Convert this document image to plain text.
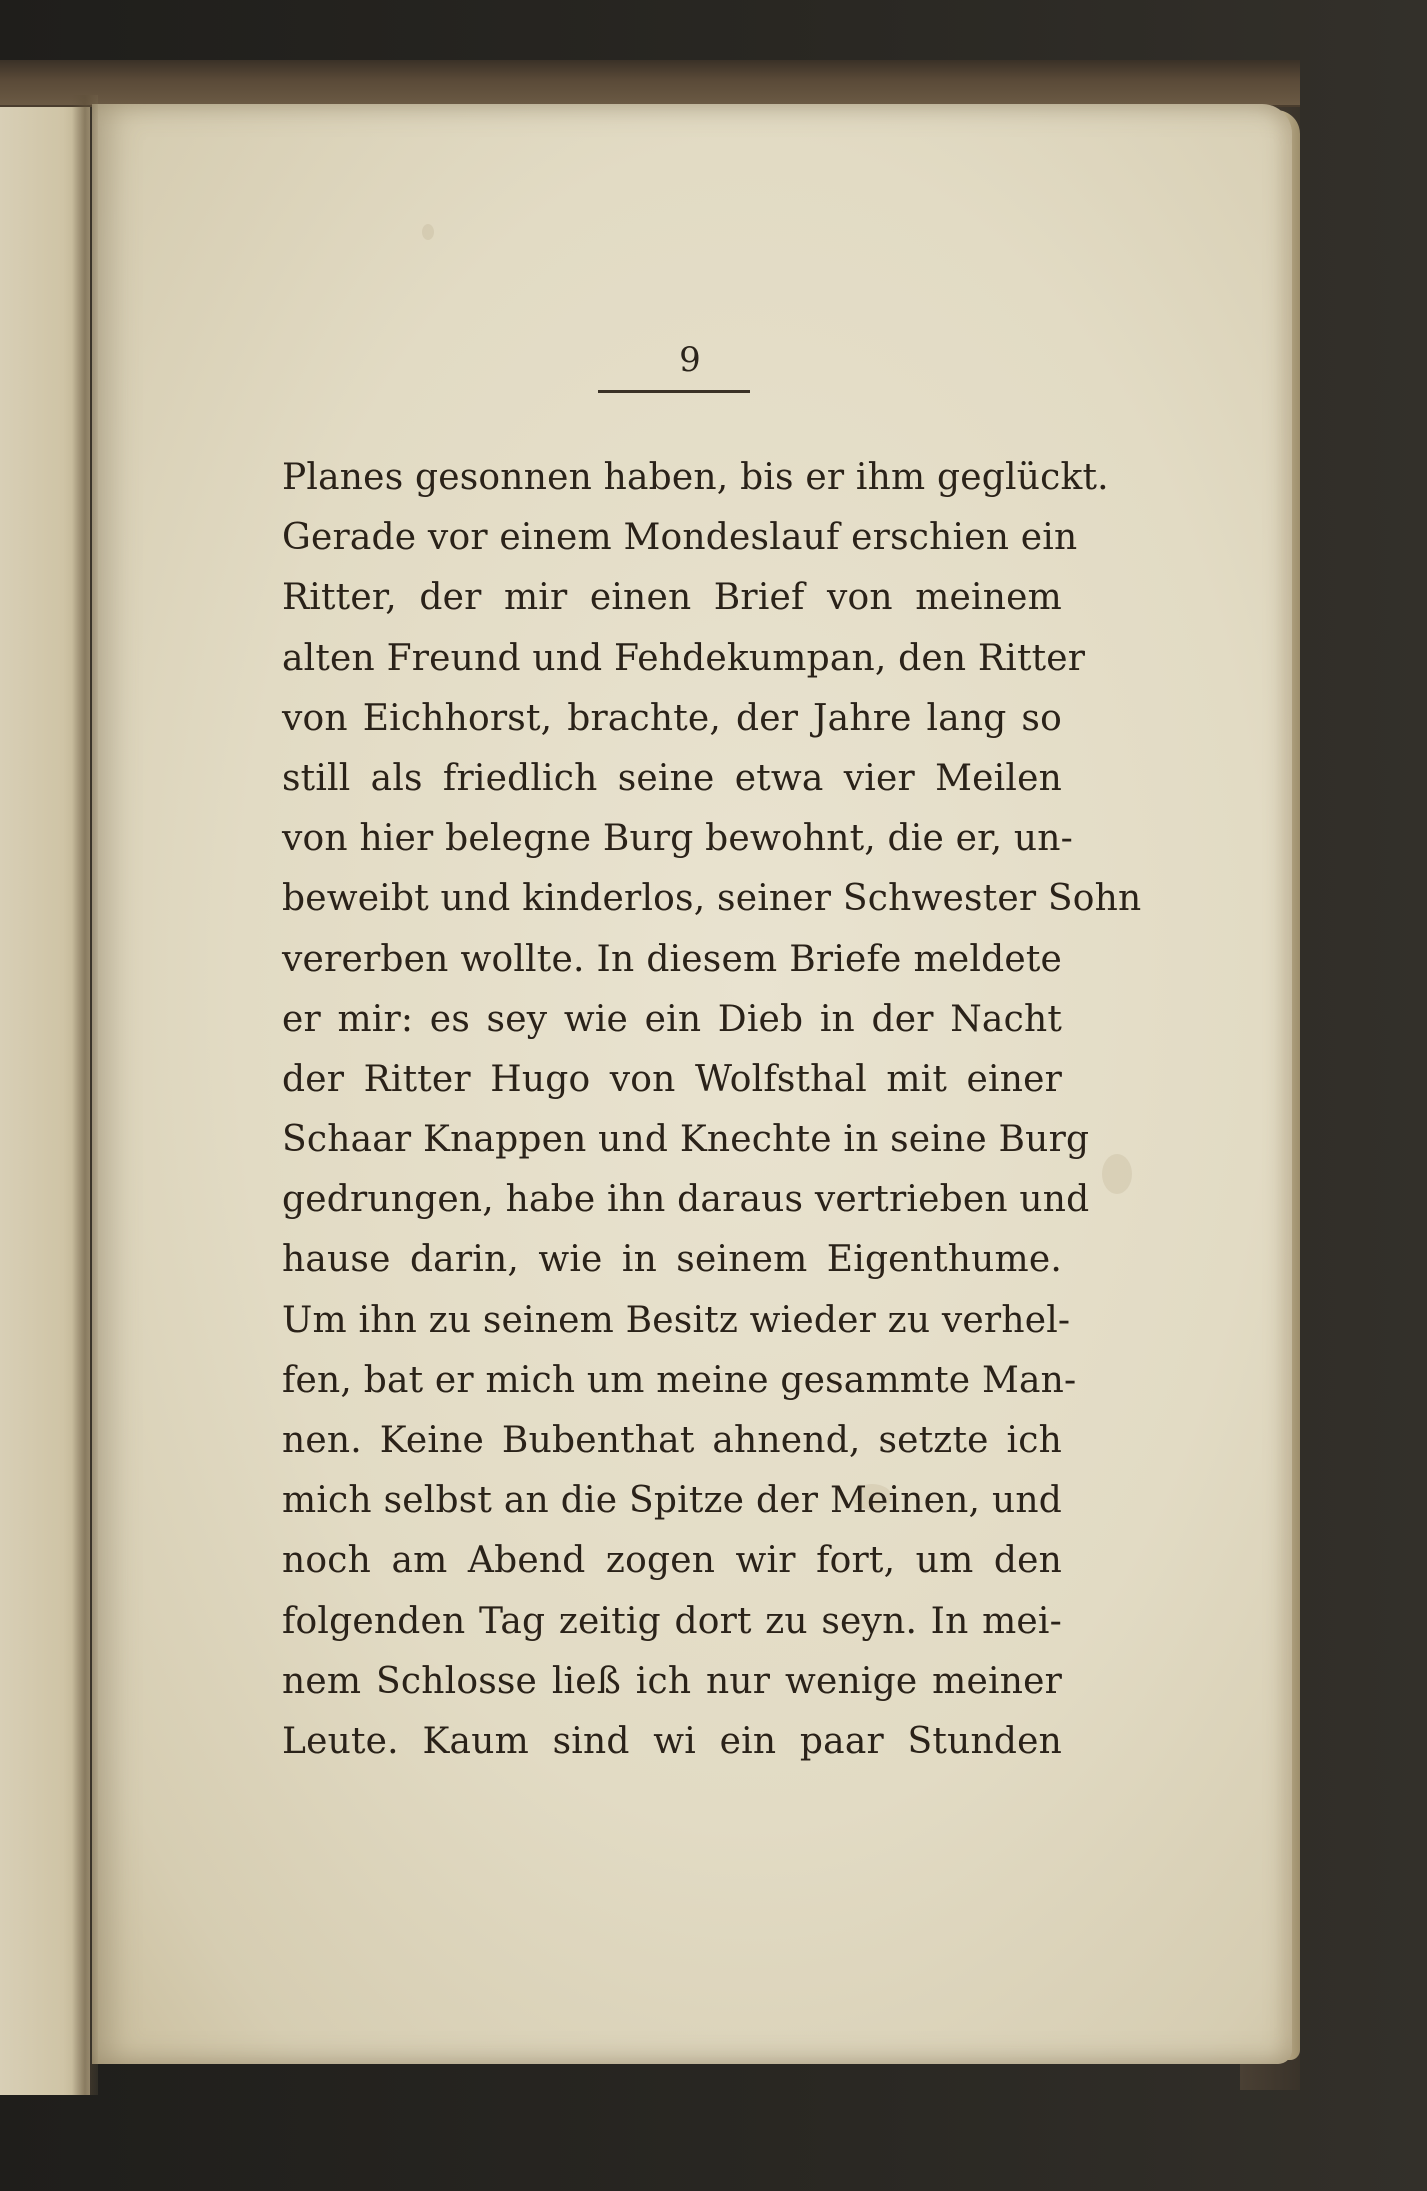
9
Planes gesonnen haben, bis er ihm geglückt.
Gerade vor einem Mondeslauf erschien ein
Ritter, der mir einen Brief von meinem
alten Freund und Fehdekumpan, den Ritter
von Eichhorst, brachte, der Jahre lang so
still als friedlich seine etwa vier Meilen
von hier belegne Burg bewohnt, die er, un-
beweibt und kinderlos, seiner Schwester Sohn
vererben wollte. In diesem Briefe meldete
er mir: es sey wie ein Dieb in der Nacht
der Ritter Hugo von Wolfsthal mit einer
Schaar Knappen und Knechte in seine Burg
gedrungen, habe ihn daraus vertrieben und
hause darin, wie in seinem Eigenthume.
Um ihn zu seinem Besitz wieder zu verhel-
fen, bat er mich um meine gesammte Man-
nen. Keine Bubenthat ahnend, setzte ich
mich selbst an die Spitze der Meinen, und
noch am Abend zogen wir fort, um den
folgenden Tag zeitig dort zu seyn. In mei-
nem Schlosse ließ ich nur wenige meiner
Leute. Kaum sind wi ein paar Stunden
